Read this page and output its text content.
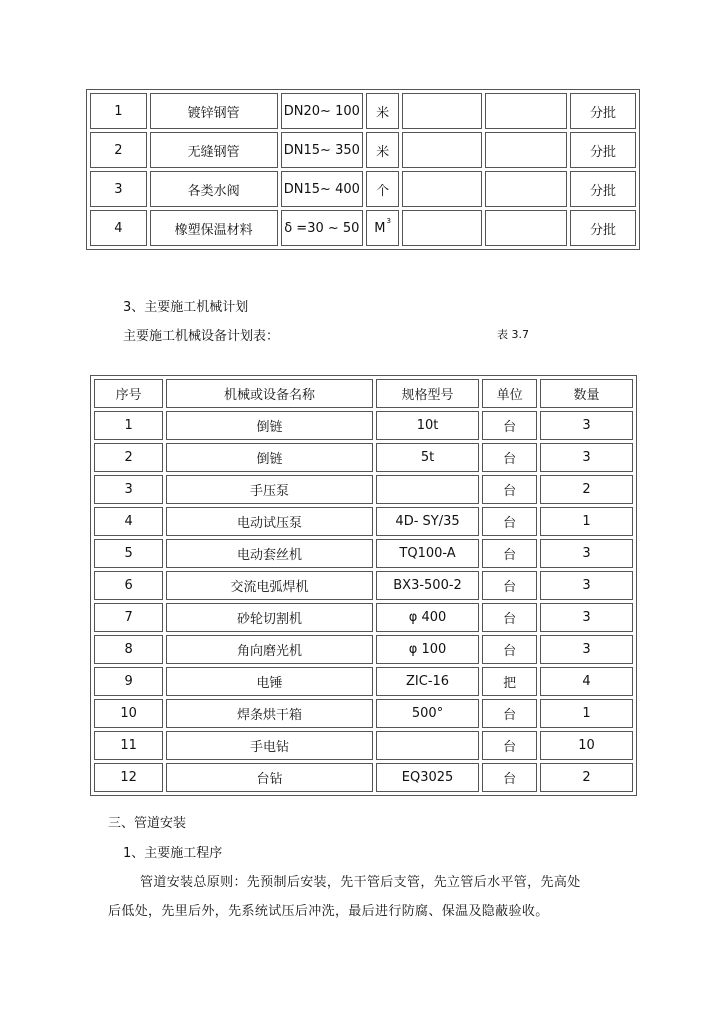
1	镀锌钢管	DN20~ 100	米			分批
2	无缝钢管	DN15~ 350	米			分批
3	各类水阀	DN15~ 400	个			分批
4	橡塑保温材料	δ =30 ~ 50	$M^3$			分批
3、主要施工机械计划
主要施工机械设备计划表：	表 3.7
序号	机械或设备名称	规格型号	单位	数量
1	倒链	10t	台	3
2	倒链	5t	台	3
3	手压泵		台	2
4	电动试压泵	4D- SY/35	台	1
5	电动套丝机	TQ100-A	台	3
6	交流电弧焊机	BX3-500-2	台	3
7	砂轮切割机	φ 400	台	3
8	角向磨光机	φ 100	台	3
9	电锤	ZIC-16	把	4
10	焊条烘干箱	500°	台	1
11	手电钻		台	10
12	台钻	EQ3025	台	2
三、管道安装
1、主要施工程序
管道安装总原则：先预制后安装，先干管后支管，先立管后水平管，先高处
后低处，先里后外，先系统试压后冲洗，最后进行防腐、保温及隐蔽验收。
